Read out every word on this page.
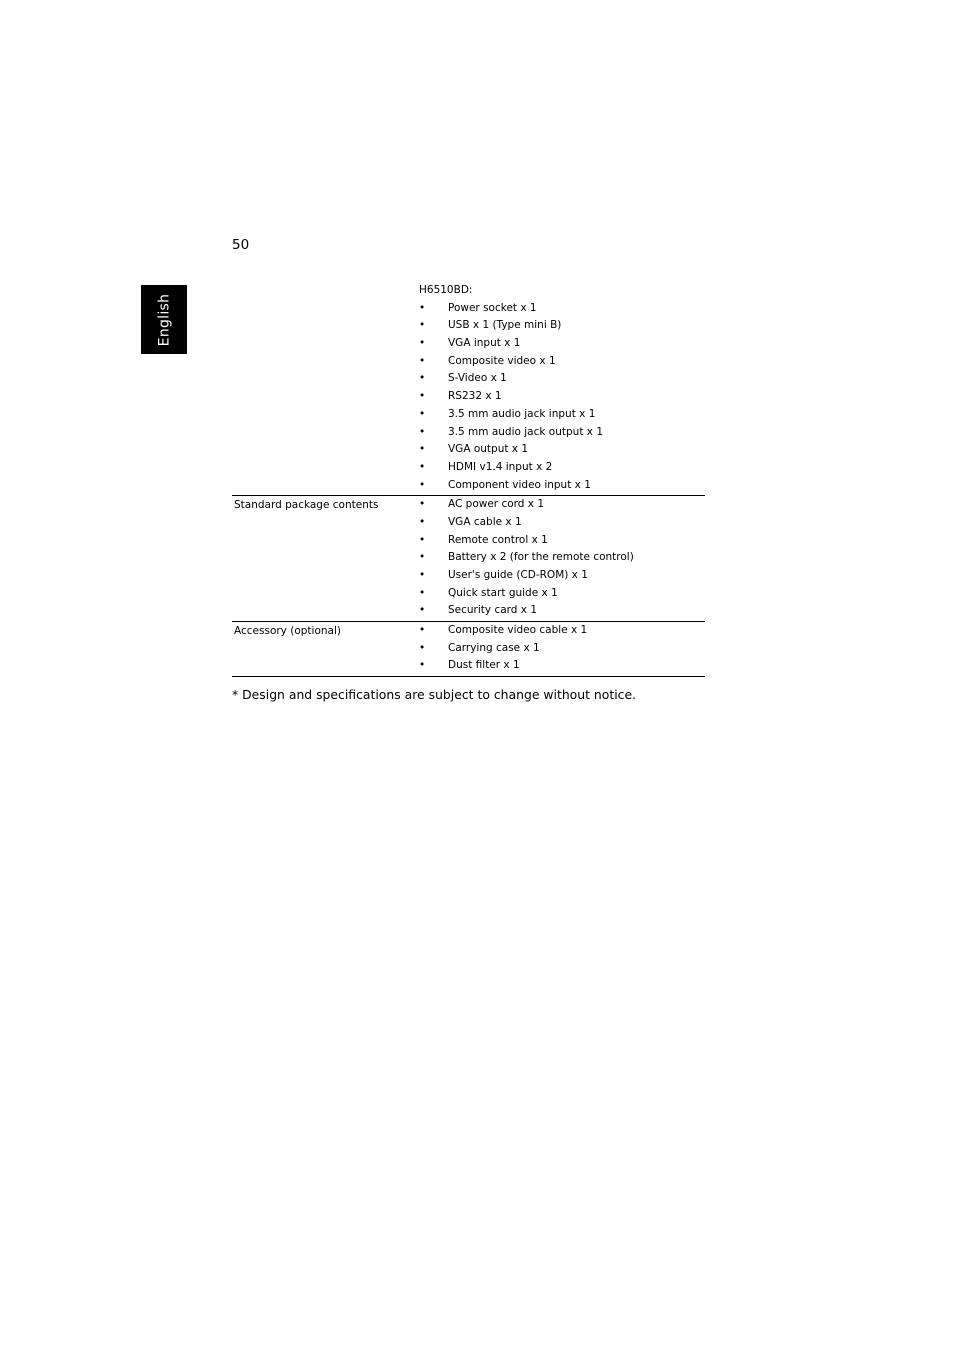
50
English
H6510BD:
• Power socket x 1
• USB x 1 (Type mini B)
• VGA input x 1
• Composite video x 1
• S-Video x 1
• RS232 x 1
• 3.5 mm audio jack input x 1
• 3.5 mm audio jack output x 1
• VGA output x 1
• HDMI v1.4 input x 2
• Component video input x 1
Standard package contents	• AC power cord x 1
• VGA cable x 1
• Remote control x 1
• Battery x 2 (for the remote control)
• User's guide (CD-ROM) x 1
• Quick start guide x 1
• Security card x 1
Accessory (optional)	• Composite video cable x 1
• Carrying case x 1
• Dust filter x 1
* Design and specifications are subject to change without notice.
